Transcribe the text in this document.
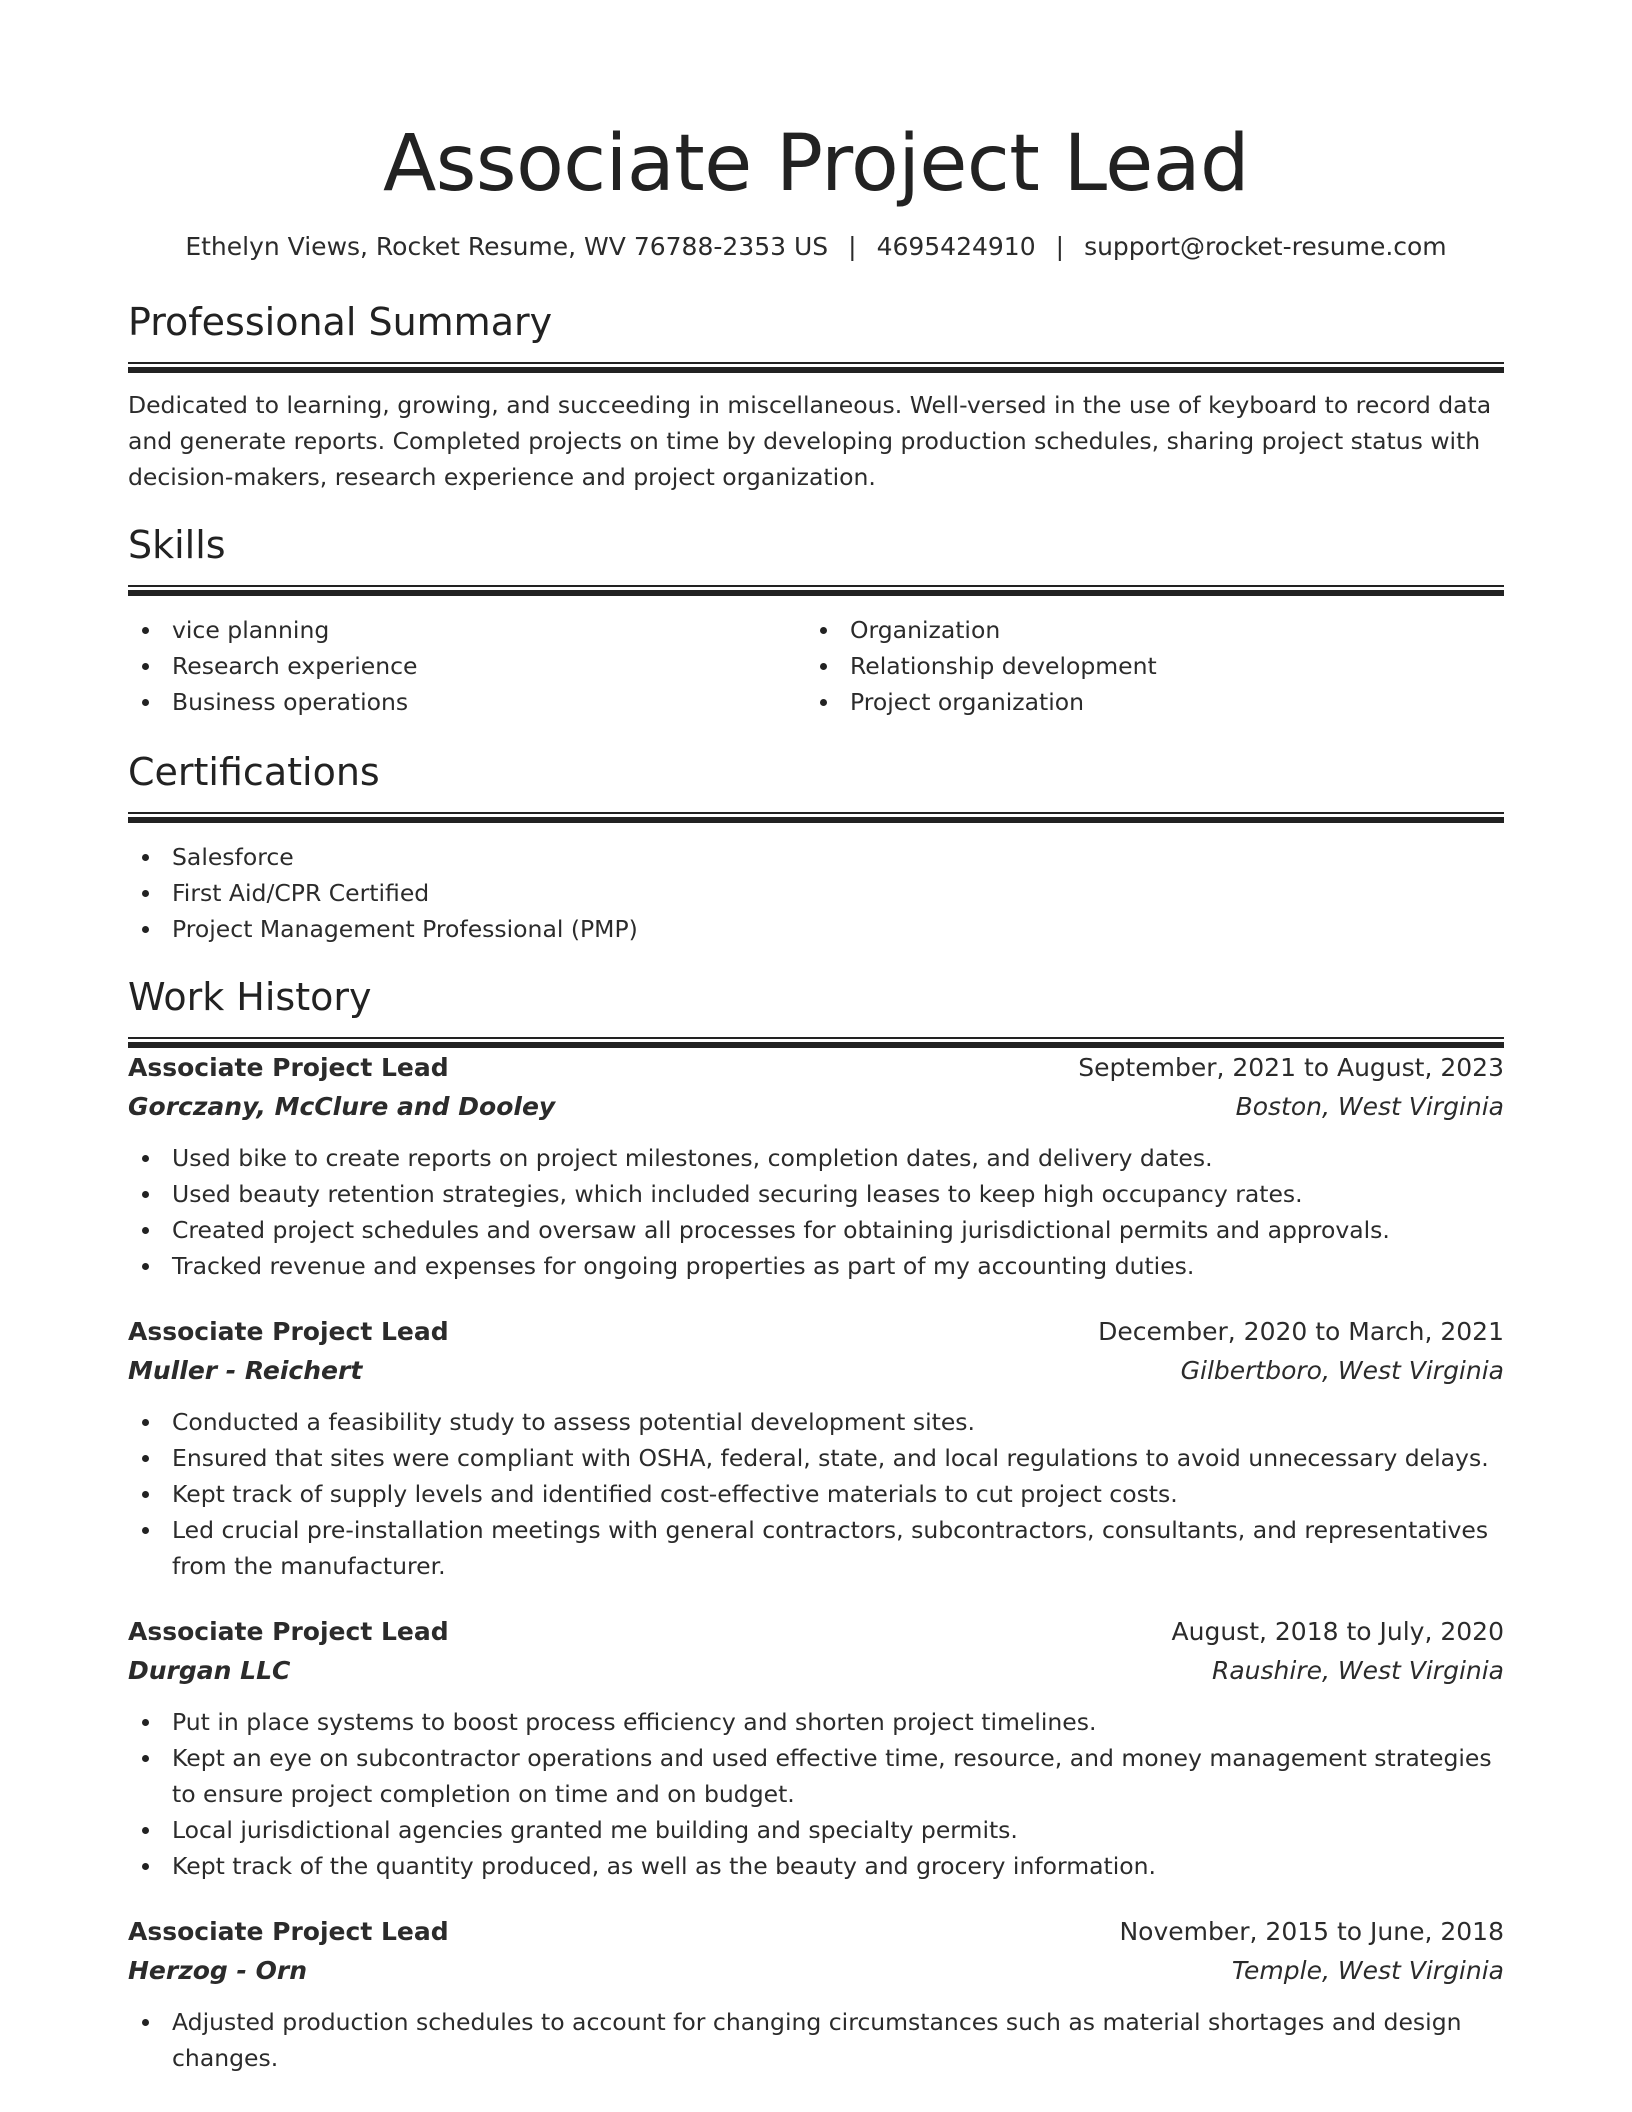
Associate Project Lead
Ethelyn Views, Rocket Resume, WV 76788-2353 US | 4695424910 | support@rocket-resume.com
Professional Summary

Dedicated to learning, growing, and succeeding in miscellaneous. Well-versed in the use of keyboard to record data and generate reports. Completed projects on time by developing production schedules, sharing project status with decision-makers, research experience and project organization.

Skills
vice planning
Research experience
Business operations
Organization
Relationship development
Project organization
Certifications
Salesforce
First Aid/CPR Certified
Project Management Professional (PMP)
Work History
Associate Project Lead	September, 2021 to August, 2023
Gorczany, McClure and Dooley	Boston, West Virginia
Used bike to create reports on project milestones, completion dates, and delivery dates.
Used beauty retention strategies, which included securing leases to keep high occupancy rates.
Created project schedules and oversaw all processes for obtaining jurisdictional permits and approvals.
Tracked revenue and expenses for ongoing properties as part of my accounting duties.
Associate Project Lead	December, 2020 to March, 2021
Muller - Reichert	Gilbertboro, West Virginia
Conducted a feasibility study to assess potential development sites.
Ensured that sites were compliant with OSHA, federal, state, and local regulations to avoid unnecessary delays.
Kept track of supply levels and identified cost-effective materials to cut project costs.
Led crucial pre-installation meetings with general contractors, subcontractors, consultants, and representatives from the manufacturer.
Associate Project Lead	August, 2018 to July, 2020
Durgan LLC	Raushire, West Virginia
Put in place systems to boost process efficiency and shorten project timelines.
Kept an eye on subcontractor operations and used effective time, resource, and money management strategies to ensure project completion on time and on budget.
Local jurisdictional agencies granted me building and specialty permits.
Kept track of the quantity produced, as well as the beauty and grocery information.
Associate Project Lead	November, 2015 to June, 2018
Herzog - Orn	Temple, West Virginia
Adjusted production schedules to account for changing circumstances such as material shortages and design changes.
